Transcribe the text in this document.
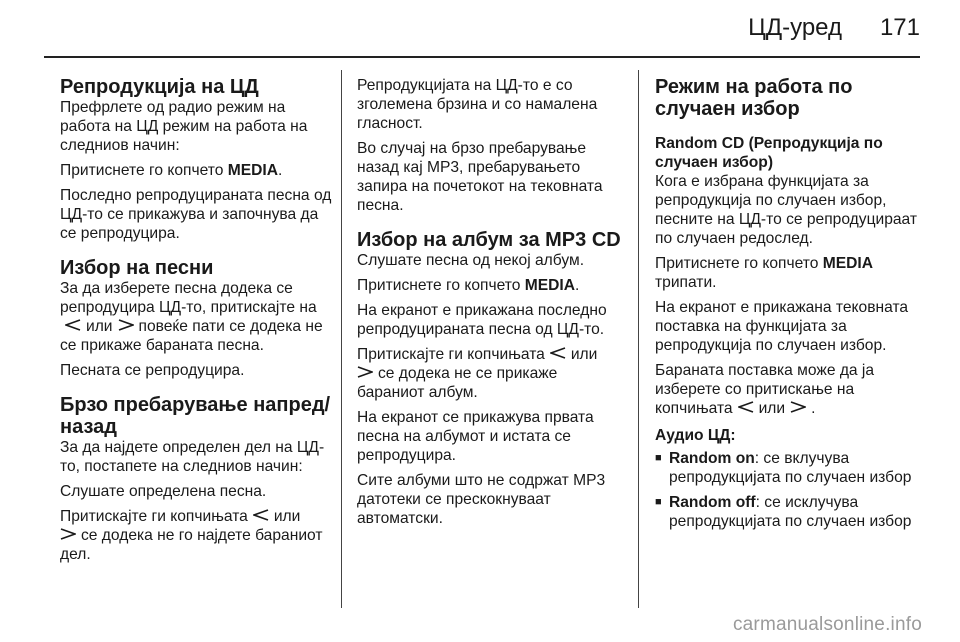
ЦД-уред 171
Репродукција на ЦД

Префрлете од радио режим на работа на ЦД режим на работа на следниов начин:

Притиснете го копчето MEDIA.

Последно репродуцираната песна од ЦД-то се прикажува и започнува да се репродуцира.

Избор на песни

За да изберете песна додека се репродуцира ЦД-то, притискајте на
или повеќе пати се додека не се прикаже бараната песна.

Песната се репродуцира.

Брзо пребарување напред/ назад

За да најдете определен дел на ЦД-то, постапете на следниов начин:

Слушате определена песна.

Притискајте ги копчињата или
се додека не го најдете бараниот дел.

Репродукцијата на ЦД-то е со зголемена брзина и со намалена гласност.

Во случај на брзо пребарување назад кај MP3, пребарувањето запира на почетокот на тековната песна.

Избор на албум за MP3 CD

Слушате песна од некој албум.

Притиснете го копчето MEDIA.

На екранот е прикажана последно репродуцираната песна од ЦД-то.

Притискајте ги копчињата или
се додека не се прикаже бараниот албум.

На екранот се прикажува првата песна на албумот и истата се репродуцира.

Сите албуми што не содржат MP3 датотеки се прескокнуваат автоматски.

Режим на работа по случаен избор
Random CD (Репродукција по случаен избор)

Кога е избрана функцијата за репродукција по случаен избор, песните на ЦД-то се репродуцираат по случаен редослед.

Притиснете го копчето MEDIA трипати.

На екранот е прикажана тековната поставка на функцијата за репродукција по случаен избор.

Бараната поставка може да ја изберете со притискање на копчињата или .

Аудио ЦД:
■ Random on: се вклучува репродукцијата по случаен избор
■ Random off: се исклучува репродукцијата по случаен избор
carmanualsonline.info
